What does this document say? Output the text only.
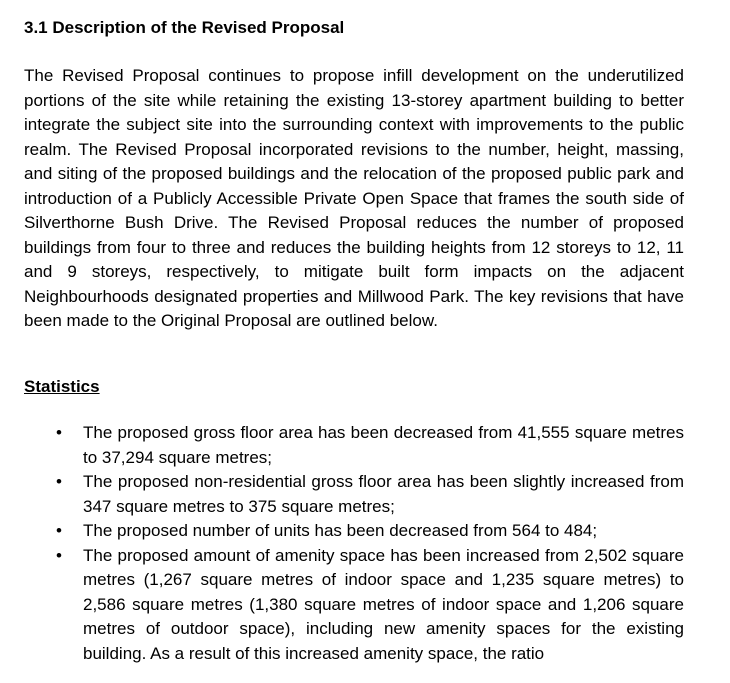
3.1 Description of the Revised Proposal

The Revised Proposal continues to propose infill development on the underutilized portions of the site while retaining the existing 13-storey apartment building to better integrate the subject site into the surrounding context with improvements to the public realm. The Revised Proposal incorporated revisions to the number, height, massing, and siting of the proposed buildings and the relocation of the proposed public park and introduction of a Publicly Accessible Private Open Space that frames the south side of Silverthorne Bush Drive. The Revised Proposal reduces the number of proposed buildings from four to three and reduces the building heights from 12 storeys to 12, 11 and 9 storeys, respectively, to mitigate built form impacts on the adjacent Neighbourhoods designated properties and Millwood Park. The key revisions that have been made to the Original Proposal are outlined below.

Statistics
• The proposed gross floor area has been decreased from 41,555 square metres to 37,294 square metres;
• The proposed non-residential gross floor area has been slightly increased from 347 square metres to 375 square metres;
• The proposed number of units has been decreased from 564 to 484;
• The proposed amount of amenity space has been increased from 2,502 square metres (1,267 square metres of indoor space and 1,235 square metres) to 2,586 square metres (1,380 square metres of indoor space and 1,206 square metres of outdoor space), including new amenity spaces for the existing building. As a result of this increased amenity space, the ratio
